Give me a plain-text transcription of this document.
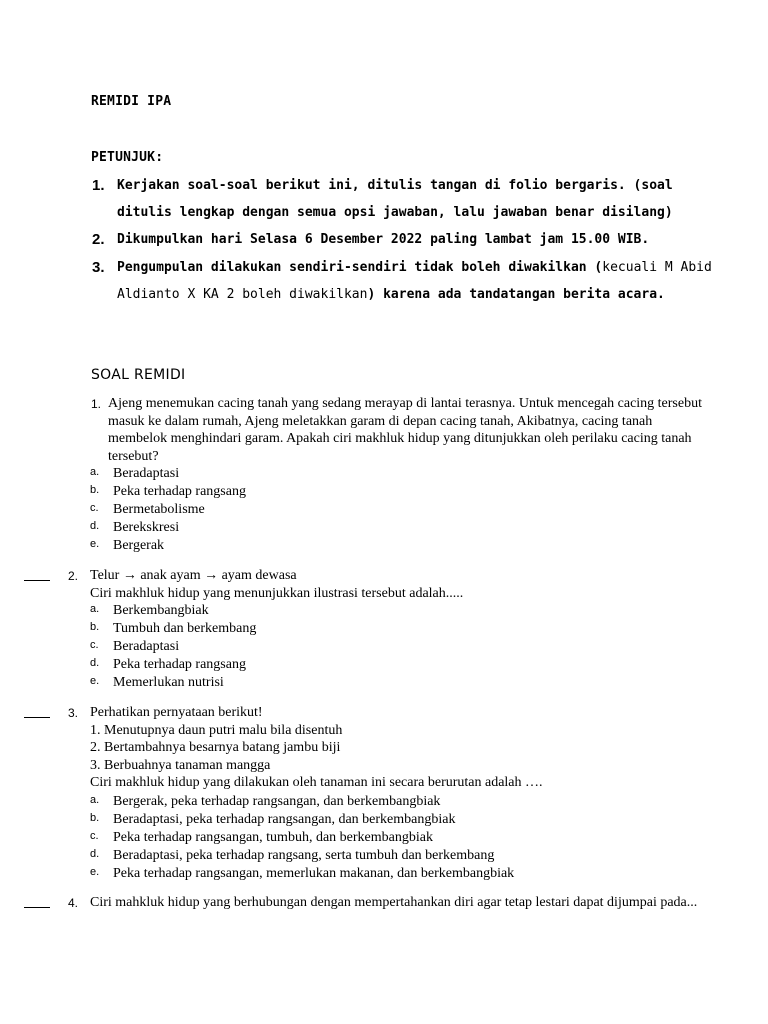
REMIDI IPA
PETUNJUK:
1. Kerjakan soal-soal berikut ini, ditulis tangan di folio bergaris. (soal ditulis lengkap dengan semua opsi jawaban, lalu jawaban benar disilang)
2. Dikumpulkan hari Selasa 6 Desember 2022 paling lambat jam 15.00 WIB.
3. Pengumpulan dilakukan sendiri-sendiri tidak boleh diwakilkan (kecuali M Abid Aldianto X KA 2 boleh diwakilkan) karena ada tandatangan berita acara.
SOAL REMIDI
1. Ajeng menemukan cacing tanah yang sedang merayap di lantai terasnya. Untuk mencegah cacing tersebut masuk ke dalam rumah, Ajeng meletakkan garam di depan cacing tanah, Akibatnya, cacing tanah membelok menghindari garam. Apakah ciri makhluk hidup yang ditunjukkan oleh perilaku cacing tanah tersebut?
a. Beradaptasi
b. Peka terhadap rangsang
c. Bermetabolisme
d. Berekskresi
e. Bergerak
2. Telur → anak ayam → ayam dewasa
Ciri makhluk hidup yang menunjukkan ilustrasi tersebut adalah.....
a. Berkembangbiak
b. Tumbuh dan berkembang
c. Beradaptasi
d. Peka terhadap rangsang
e. Memerlukan nutrisi
3. Perhatikan pernyataan berikut!
1. Menutupnya daun putri malu bila disentuh
2. Bertambahnya besarnya batang jambu biji
3. Berbuahnya tanaman mangga
Ciri makhluk hidup yang dilakukan oleh tanaman ini secara berurutan adalah ….
a. Bergerak, peka terhadap rangsangan, dan berkembangbiak
b. Beradaptasi, peka terhadap rangsangan, dan berkembangbiak
c. Peka terhadap rangsangan, tumbuh, dan berkembangbiak
d. Beradaptasi, peka terhadap rangsang, serta tumbuh dan berkembang
e. Peka terhadap rangsangan, memerlukan makanan, dan berkembangbiak
4. Ciri mahkluk hidup yang berhubungan dengan mempertahankan diri agar tetap lestari dapat dijumpai pada...
